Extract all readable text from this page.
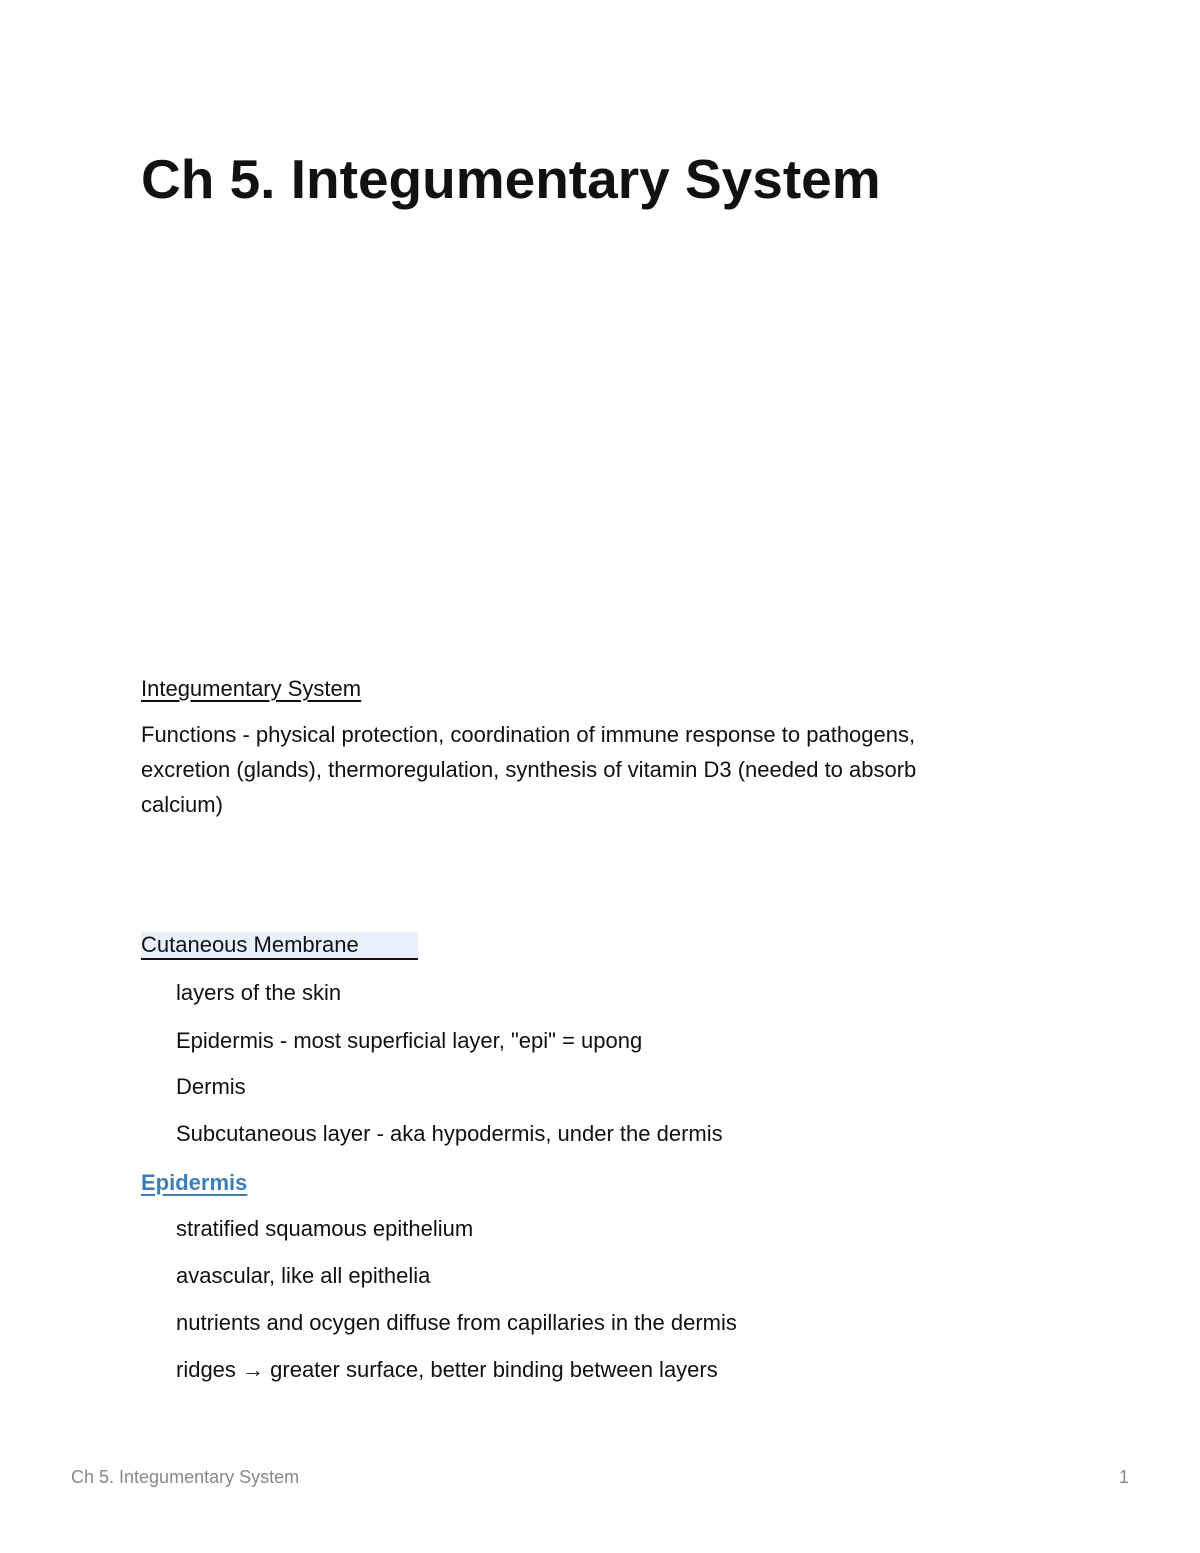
Ch 5. Integumentary System
Integumentary System
Functions - physical protection, coordination of immune response to pathogens,
excretion (glands), thermoregulation, synthesis of vitamin D3 (needed to absorb
calcium)
Cutaneous Membrane
layers of the skin
Epidermis - most superficial layer, "epi" = upong
Dermis
Subcutaneous layer - aka hypodermis, under the dermis
Epidermis
stratified squamous epithelium
avascular, like all epithelia
nutrients and ocygen diffuse from capillaries in the dermis
ridges → greater surface, better binding between layers
Ch 5. Integumentary System	1
